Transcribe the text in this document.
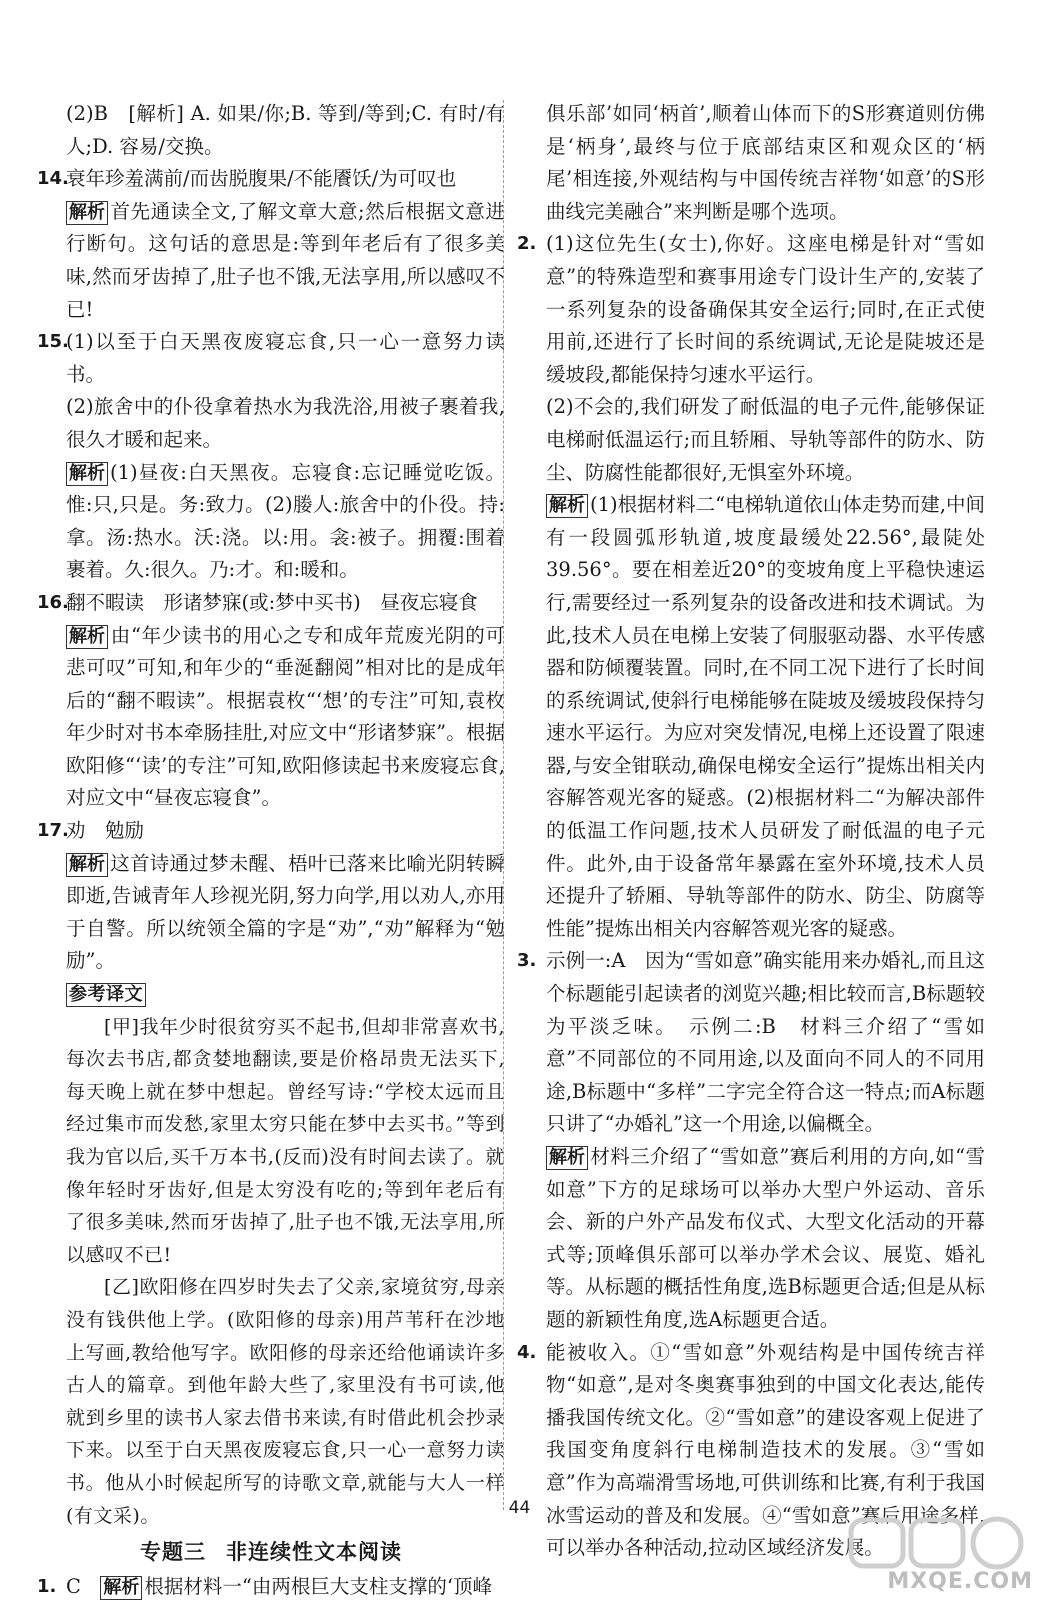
(2)B　[解析] A. 如果/你;B. 等到/等到;C. 有时/有人;D. 容易/交换。

14.
衰年珍羞满前/而齿脱腹果/不能餍饫/为可叹也

解析 首先通读全文,了解文章大意;然后根据文意进行断句。这句话的意思是:等到年老后有了很多美味,然而牙齿掉了,肚子也不饿,无法享用,所以感叹不已!

15.
(1)以至于白天黑夜废寝忘食,只一心一意努力读书。

(2)旅舍中的仆役拿着热水为我洗浴,用被子裹着我,很久才暖和起来。

解析 (1)昼夜:白天黑夜。忘寝食:忘记睡觉吃饭。惟:只,只是。务:致力。(2)媵人:旅舍中的仆役。持:拿。汤:热水。沃:浇。以:用。衾:被子。拥覆:围着裹着。久:很久。乃:才。和:暖和。

16.
翻不暇读　形诸梦寐(或:梦中买书)　昼夜忘寝食

解析 由“年少读书的用心之专和成年荒废光阴的可悲可叹”可知,和年少的“垂涎翻阅”相对比的是成年后的“翻不暇读”。根据袁枚“‘想’的专注”可知,袁枚年少时对书本牵肠挂肚,对应文中“形诸梦寐”。根据欧阳修“‘读’的专注”可知,欧阳修读起书来废寝忘食,对应文中“昼夜忘寝食”。

17.
劝　勉励

解析 这首诗通过梦未醒、梧叶已落来比喻光阴转瞬即逝,告诫青年人珍视光阴,努力向学,用以劝人,亦用于自警。所以统领全篇的字是“劝”,“劝”解释为“勉励”。

参考译文

[甲]我年少时很贫穷买不起书,但却非常喜欢书,每次去书店,都贪婪地翻读,要是价格昂贵无法买下,每天晚上就在梦中想起。曾经写诗:“学校太远而且经过集市而发愁,家里太穷只能在梦中去买书。”等到我为官以后,买千万本书,(反而)没有时间去读了。就像年轻时牙齿好,但是太穷没有吃的;等到年老后有了很多美味,然而牙齿掉了,肚子也不饿,无法享用,所以感叹不已!

[乙]欧阳修在四岁时失去了父亲,家境贫穷,母亲没有钱供他上学。(欧阳修的母亲)用芦苇秆在沙地上写画,教给他写字。欧阳修的母亲还给他诵读许多古人的篇章。到他年龄大些了,家里没有书可读,他就到乡里的读书人家去借书来读,有时借此机会抄录下来。以至于白天黑夜废寝忘食,只一心一意努力读书。他从小时候起所写的诗歌文章,就能与大人一样(有文采)。

专题三 非连续性文本阅读

1. C　解析 根据材料一“由两根巨大支柱支撑的‘顶峰

俱乐部’如同‘柄首’,顺着山体而下的S形赛道则仿佛是‘柄身’,最终与位于底部结束区和观众区的‘柄尾’相连接,外观结构与中国传统吉祥物‘如意’的S形曲线完美融合”来判断是哪个选项。

2. (1)这位先生(女士),你好。这座电梯是针对“雪如意”的特殊造型和赛事用途专门设计生产的,安装了一系列复杂的设备确保其安全运行;同时,在正式使用前,还进行了长时间的系统调试,无论是陡坡还是缓坡段,都能保持匀速水平运行。

(2)不会的,我们研发了耐低温的电子元件,能够保证电梯耐低温运行;而且轿厢、导轨等部件的防水、防尘、防腐性能都很好,无惧室外环境。

解析 (1)根据材料二“电梯轨道依山体走势而建,中间有一段圆弧形轨道,坡度最缓处22.56°,最陡处39.56°。要在相差近20°的变坡角度上平稳快速运行,需要经过一系列复杂的设备改进和技术调试。为此,技术人员在电梯上安装了伺服驱动器、水平传感器和防倾覆装置。同时,在不同工况下进行了长时间的系统调试,使斜行电梯能够在陡坡及缓坡段保持匀速水平运行。为应对突发情况,电梯上还设置了限速器,与安全钳联动,确保电梯安全运行”提炼出相关内容解答观光客的疑惑。(2)根据材料二“为解决部件的低温工作问题,技术人员研发了耐低温的电子元件。此外,由于设备常年暴露在室外环境,技术人员还提升了轿厢、导轨等部件的防水、防尘、防腐等性能”提炼出相关内容解答观光客的疑惑。

3. 示例一:A　因为“雪如意”确实能用来办婚礼,而且这个标题能引起读者的浏览兴趣;相比较而言,B标题较为平淡乏味。　示例二:B　材料三介绍了“雪如意”不同部位的不同用途,以及面向不同人的不同用途,B标题中“多样”二字完全符合这一特点;而A标题只讲了“办婚礼”这一个用途,以偏概全。

解析 材料三介绍了“雪如意”赛后利用的方向,如“雪如意”下方的足球场可以举办大型户外运动、音乐会、新的户外产品发布仪式、大型文化活动的开幕式等;顶峰俱乐部可以举办学术会议、展览、婚礼等。从标题的概括性角度,选B标题更合适;但是从标题的新颖性角度,选A标题更合适。

4. 能被收入。①“雪如意”外观结构是中国传统吉祥物“如意”,是对冬奥赛事独到的中国文化表达,能传播我国传统文化。②“雪如意”的建设客观上促进了我国变角度斜行电梯制造技术的发展。③“雪如意”作为高端滑雪场地,可供训练和比赛,有利于我国冰雪运动的普及和发展。④“雪如意”赛后用途多样,可以举办各种活动,拉动区域经济发展。

44
MXQE.COM
